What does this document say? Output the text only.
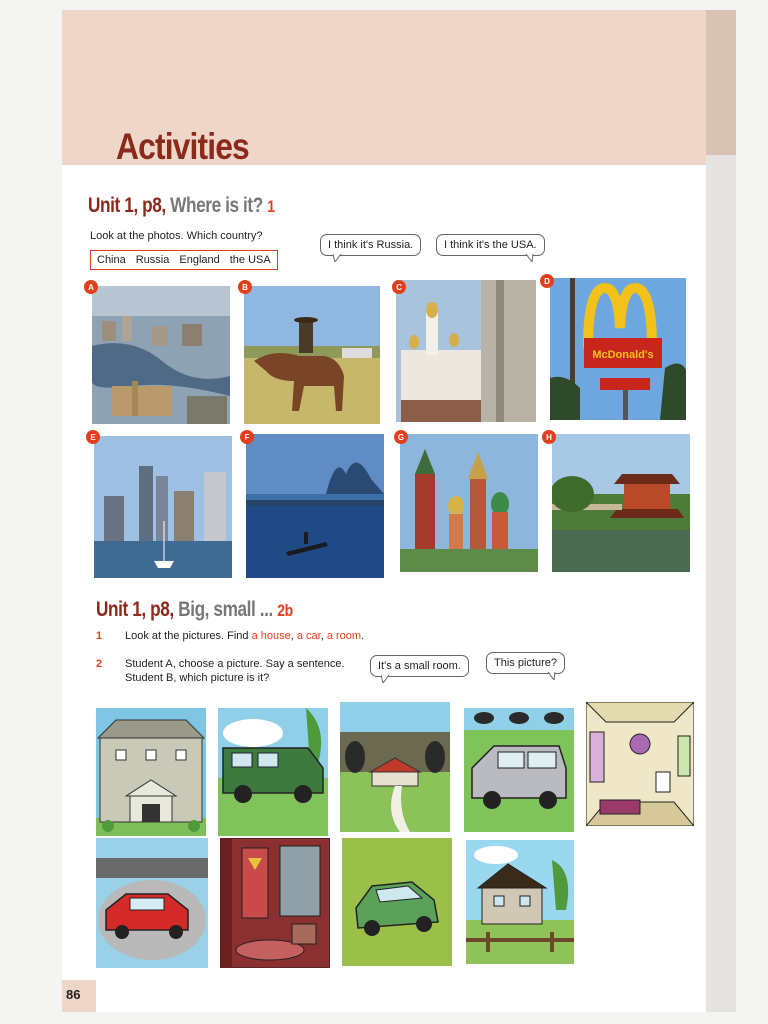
Activities
Unit 1, p8, Where is it? 1
Look at the photos. Which country?
China Russia England the USA
I think it's Russia.	I think it's the USA.
A	B	C
D
McDonald's
E	F	G	H
Unit 1, p8, Big, small ... 2b
1 Look at the pictures. Find a house, a car, a room.
2 Student A, choose a picture. Say a sentence.
Student B, which picture is it?
It's a small room.	This picture?
86
